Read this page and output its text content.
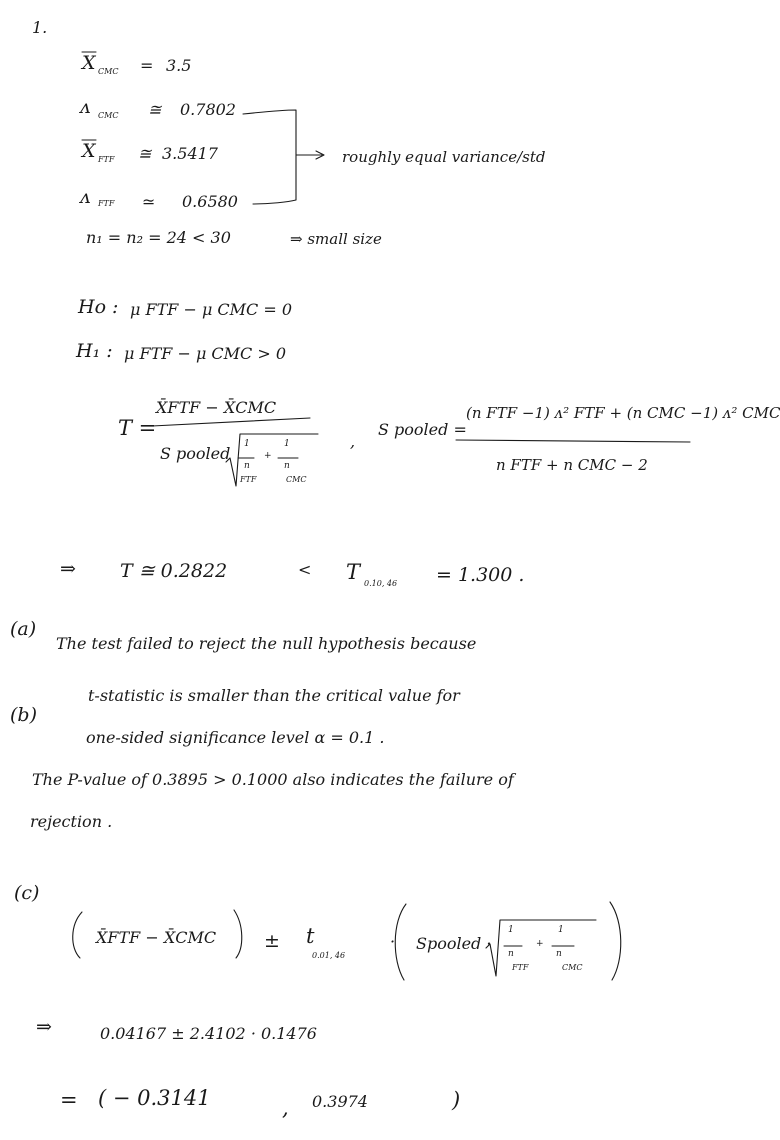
1.
X CMC = 3.5
ᴧ CMC ≅ 0.7802
X FTF ≅ 3.5417
ᴧ FTF ≃ 0.6580
n₁ = n₂ = 24 < 30	⇒ small size
roughly equal variance/std
Ho : μ FTF − μ CMC = 0
H₁ : μ FTF − μ CMC > 0
T =
X̄FTF − X̄CMC
S pooled 1
n
FTF
+
1
n
CMC
,
S pooled =
(n FTF −1) ᴧ² FTF + (n CMC −1) ᴧ² CMC
n FTF + n CMC − 2
⇒ T ≅ 0.2822	< T 0.10, 46 = 1.300 .
(a)
(b)
The test failed to reject the null hypothesis because
t-statistic is smaller than the critical value for
one-sided significance level α = 0.1 .
The P-value of 0.3895 > 0.1000 also indicates the failure of
rejection .
(c)
X̄FTF − X̄CMC	± t
0.01, 46
· Spooled ·
1
n
FTF
+
1
n
CMC
⇒	0.04167 ± 2.4102 · 0.1476
= ( − 0.3141	, 0.3974	)
